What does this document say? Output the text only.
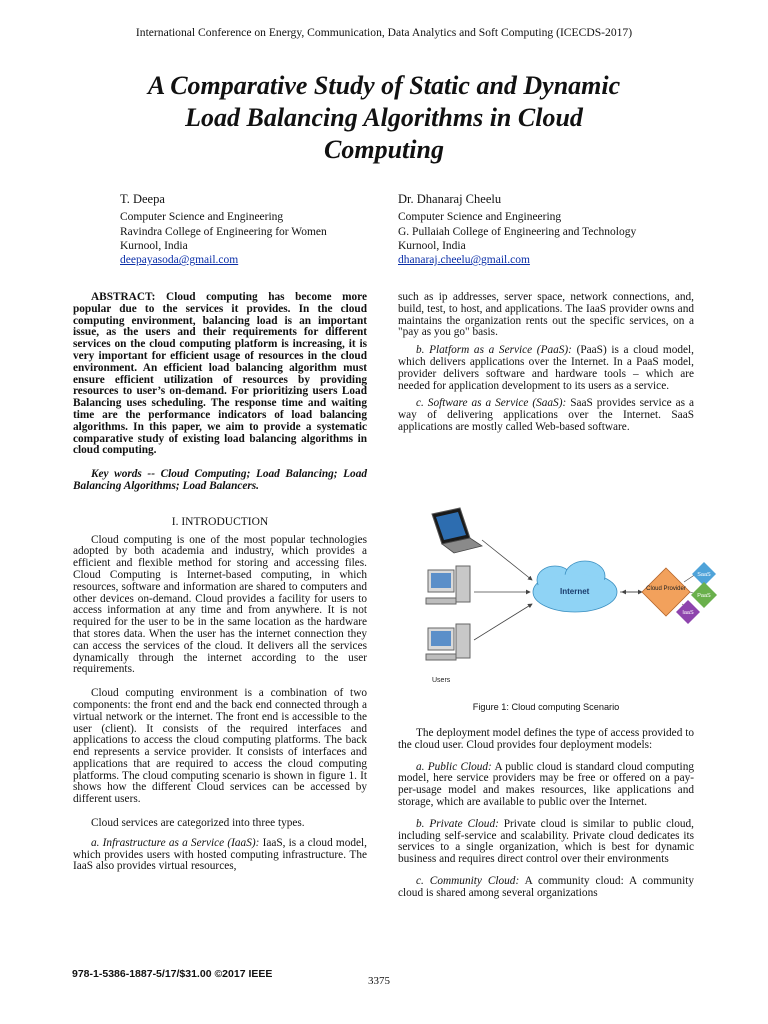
International Conference on Energy, Communication, Data Analytics and Soft Computing (ICECDS-2017)
A Comparative Study of Static and Dynamic
Load Balancing Algorithms in Cloud
Computing
T. Deepa
Computer Science and Engineering
Ravindra College of Engineering for Women
Kurnool, India
deepayasoda@gmail.com
Dr. Dhanaraj Cheelu
Computer Science and Engineering
G. Pullaiah College of Engineering and Technology
Kurnool, India
dhanaraj.cheelu@gmail.com

ABSTRACT: Cloud computing has become more popular due to the services it provides. In the cloud computing environment, balancing load is an important issue, as the users and their requirements for different services on the cloud computing platform is increasing, it is very important for efficient usage of resources in the cloud environment. An efficient load balancing algorithm must ensure efficient utilization of resources by providing resources to user’s on-demand. For prioritizing users Load Balancing uses scheduling. The response time and waiting time are the performance indicators of load balancing algorithms. In this paper, we aim to provide a systematic comparative study of existing load balancing algorithms in cloud computing.

Key words -- Cloud Computing; Load Balancing; Load Balancing Algorithms; Load Balancers.

I. INTRODUCTION

Cloud computing is one of the most popular technologies adopted by both academia and industry, which provides a efficient and flexible method for storing and accessing files. Cloud Computing is Internet-based computing, in which resources, software and information are shared to computers and other devices on-demand. Cloud provides a facility for users to access information at any time and from anywhere. It is not required for the user to be in the same location as the hardware that stores data. When the user has the internet connection they can access the services of the cloud. It delivers all the services dynamically through the internet according to the user requirements.

Cloud computing environment is a combination of two components: the front end and the back end connected through a virtual network or the internet. The front end is accessible to the user (client). It consists of the required interfaces and applications to access the cloud computing platforms. The back end represents a service provider. It consists of interfaces and applications that are required to access the cloud computing platforms. The cloud computing scenario is shown in figure 1. It shows how the different Cloud services can be accessed by different users.

Cloud services are categorized into three types.

a. Infrastructure as a Service (IaaS): IaaS, is a cloud model, which provides users with hosted computing infrastructure. The IaaS also provides virtual resources,

such as ip addresses, server space, network connections, and, build, test, to host, and applications. The IaaS provider owns and maintains the organization rents out the specific services, on a "pay as you go" basis.

b. Platform as a Service (PaaS): (PaaS) is a cloud model, which delivers applications over the Internet. In a PaaS model, provider delivers software and hardware tools – which are needed for application development to its users as a service.

c. Software as a Service (SaaS): SaaS provides service as a way of delivering applications over the Internet. SaaS applications are mostly called Web-based software.

Users
Internet	Cloud Provider
SaaS
PaaS
IaaS
Figure 1: Cloud computing Scenario

The deployment model defines the type of access provided to the cloud user. Cloud provides four deployment models:

a. Public Cloud: A public cloud is standard cloud computing model, here service providers may be free or offered on a pay-per-usage model and makes resources, like applications and storage, which are available to public over the Internet.

b. Private Cloud: Private cloud is similar to public cloud, including self-service and scalability. Private cloud dedicates its services to a single organization, which is best for dynamic business and requires direct control over their environments

c. Community Cloud: A community cloud: A community cloud is shared among several organizations

978-1-5386-1887-5/17/$31.00 ©2017 IEEE
3375
